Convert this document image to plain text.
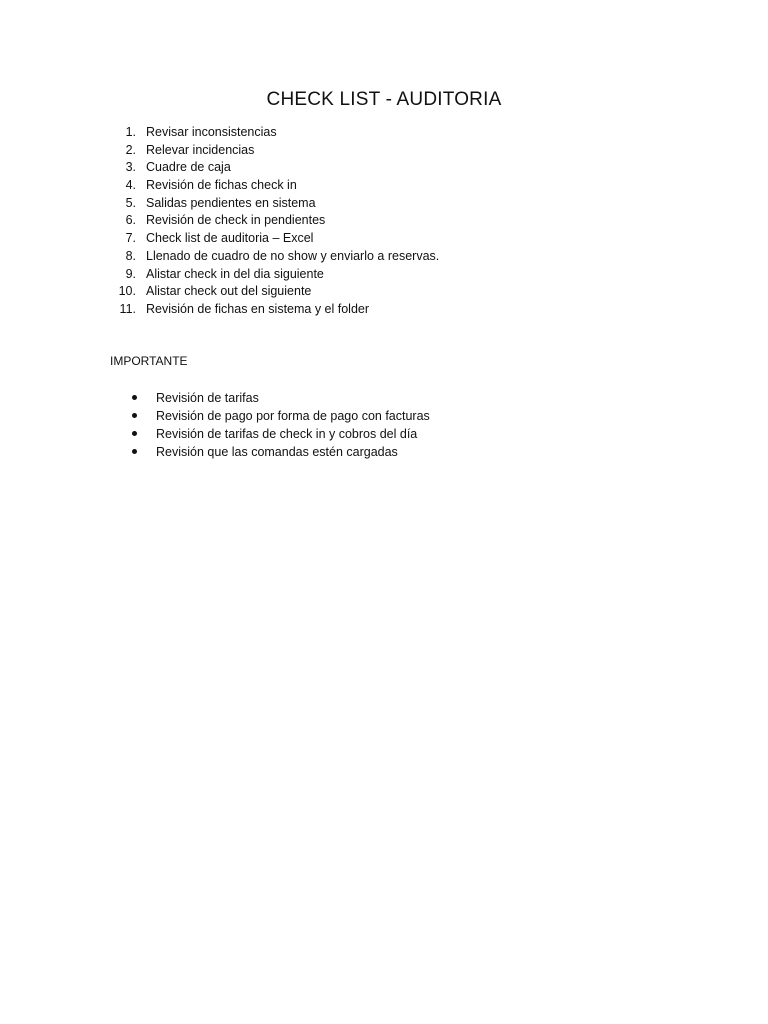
CHECK LIST - AUDITORIA
1. Revisar inconsistencias
2. Relevar incidencias
3. Cuadre de caja
4. Revisión de fichas check in
5. Salidas pendientes en sistema
6. Revisión de check in pendientes
7. Check list de auditoria – Excel
8. Llenado de cuadro de no show y enviarlo a reservas.
9. Alistar check in del dia siguiente
10. Alistar check out del siguiente
11. Revisión de fichas en sistema y el folder
IMPORTANTE
Revisión de tarifas
Revisión de pago por forma de pago con facturas
Revisión de tarifas de check in y cobros del día
Revisión que las comandas estén cargadas
